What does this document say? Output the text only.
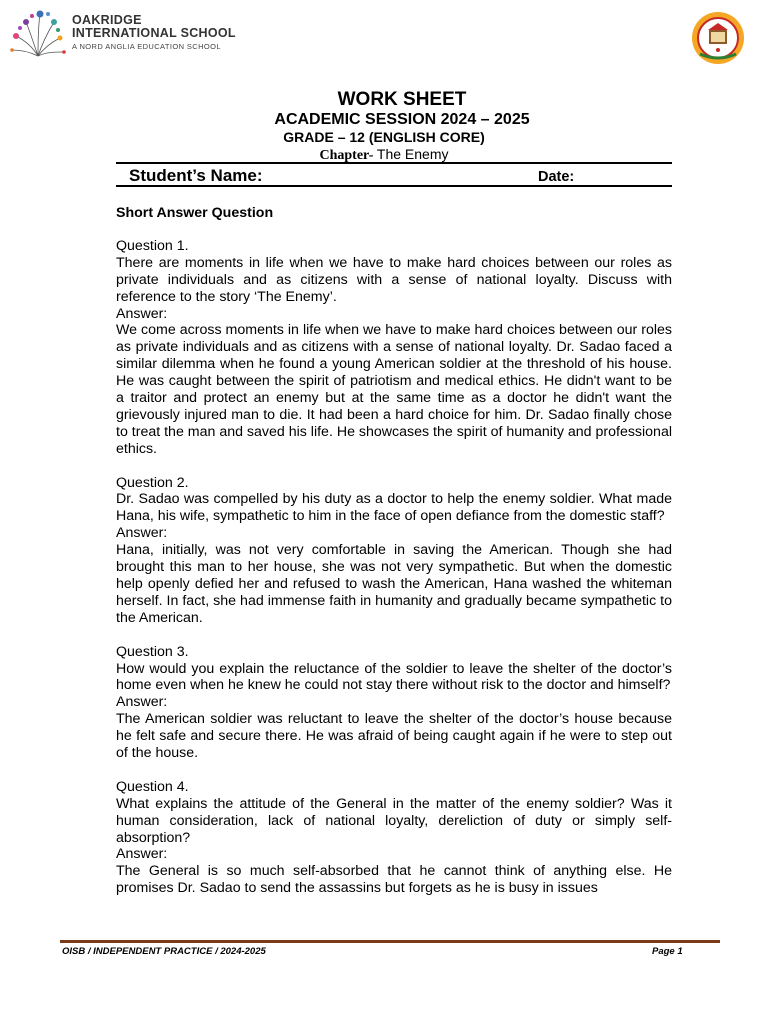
OAKRIDGE
INTERNATIONAL SCHOOL
A NORD ANGLIA EDUCATION SCHOOL
WORK SHEET
ACADEMIC SESSION 2024 – 2025
GRADE – 12 (ENGLISH CORE)
Chapter- The Enemy
Student’s Name:	Date:
Short Answer Question

Question 1.

There are moments in life when we have to make hard choices between our roles as private individuals and as citizens with a sense of national loyalty. Discuss with reference to the story ‘The Enemy’.

Answer:

We come across moments in life when we have to make hard choices between our roles as private individuals and as citizens with a sense of national loyalty. Dr. Sadao faced a similar dilemma when he found a young American soldier at the threshold of his house. He was caught between the spirit of patriotism and medical ethics. He didn't want to be a traitor and protect an enemy but at the same time as a doctor he didn't want the grievously injured man to die. It had been a hard choice for him. Dr. Sadao finally chose to treat the man and saved his life. He showcases the spirit of humanity and professional ethics.

Question 2.

Dr. Sadao was compelled by his duty as a doctor to help the enemy soldier. What made Hana, his wife, sympathetic to him in the face of open defiance from the domestic staff?

Answer:

Hana, initially, was not very comfortable in saving the American. Though she had brought this man to her house, she was not very sympathetic. But when the domestic help openly defied her and refused to wash the American, Hana washed the whiteman herself. In fact, she had immense faith in humanity and gradually became sympathetic to the American.

Question 3.

How would you explain the reluctance of the soldier to leave the shelter of the doctor’s home even when he knew he could not stay there without risk to the doctor and himself?

Answer:

The American soldier was reluctant to leave the shelter of the doctor’s house because he felt safe and secure there. He was afraid of being caught again if he were to step out of the house.

Question 4.

What explains the attitude of the General in the matter of the enemy soldier? Was it human consideration, lack of national loyalty, dereliction of duty or simply self-absorption?

Answer:

The General is so much self-absorbed that he cannot think of anything else. He promises Dr. Sadao to send the assassins but forgets as he is busy in issues

OISB / INDEPENDENT PRACTICE / 2024-2025	Page 1
